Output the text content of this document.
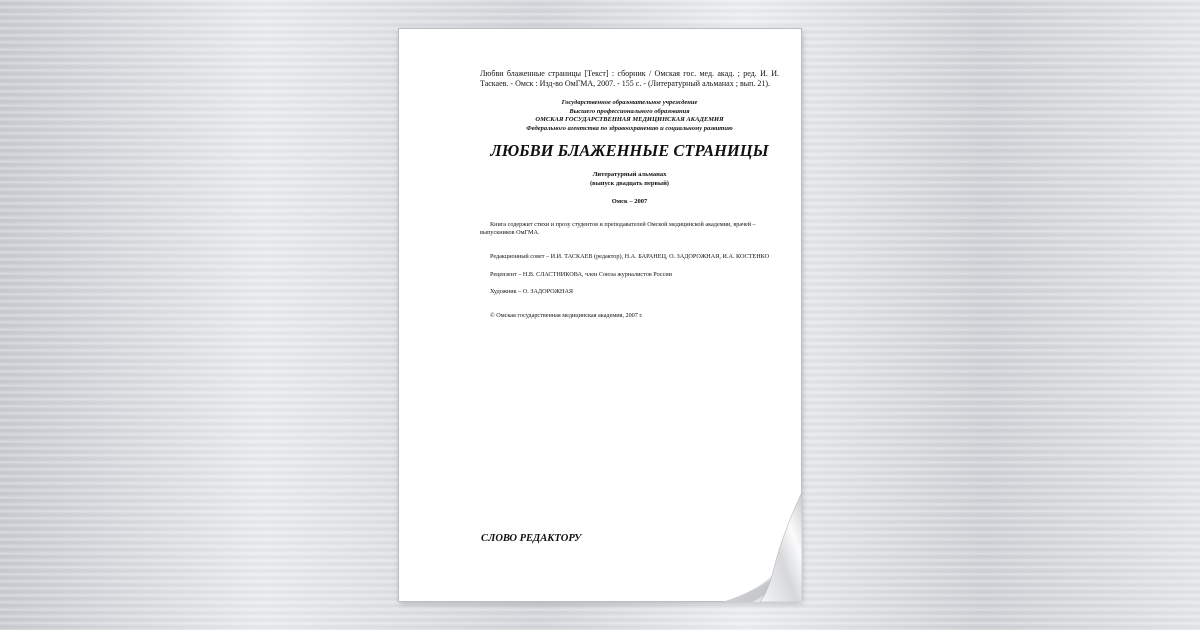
Любви блаженные страницы [Текст] : сборник / Омская гос. мед. акад. ; ред. И. И. Таскаев. - Омск : Изд-во ОмГМА, 2007. - 155 с. - (Литературный альманах ; вып. 21).

Государственное образовательное учреждение
Высшего профессионального образования
ОМСКАЯ ГОСУДАРСТВЕННАЯ МЕДИЦИНСКАЯ АКАДЕМИЯ
Федерального агентства по здравоохранению и социальному развитию
ЛЮБВИ БЛАЖЕННЫЕ СТРАНИЦЫ
Литературный альманах
(выпуск двадцать первый)
Омск – 2007

Книга содержит стихи и прозу студентов и преподавателей Омской медицинской академии, врачей – выпускников ОмГМА.

Редакционный совет – И.И. ТАСКАЕВ (редактор), Н.А. БАРАНЕЦ, О. ЗАДОРОЖНАЯ, И.А. КОСТЕНКО

Рецензент – Н.В. СЛАСТНИКОВА, член Союза журналистов России

Художник – О. ЗАДОРОЖНАЯ

© Омская государственная медицинская академия, 2007 г.

СЛОВО РЕДАКТОРУ
